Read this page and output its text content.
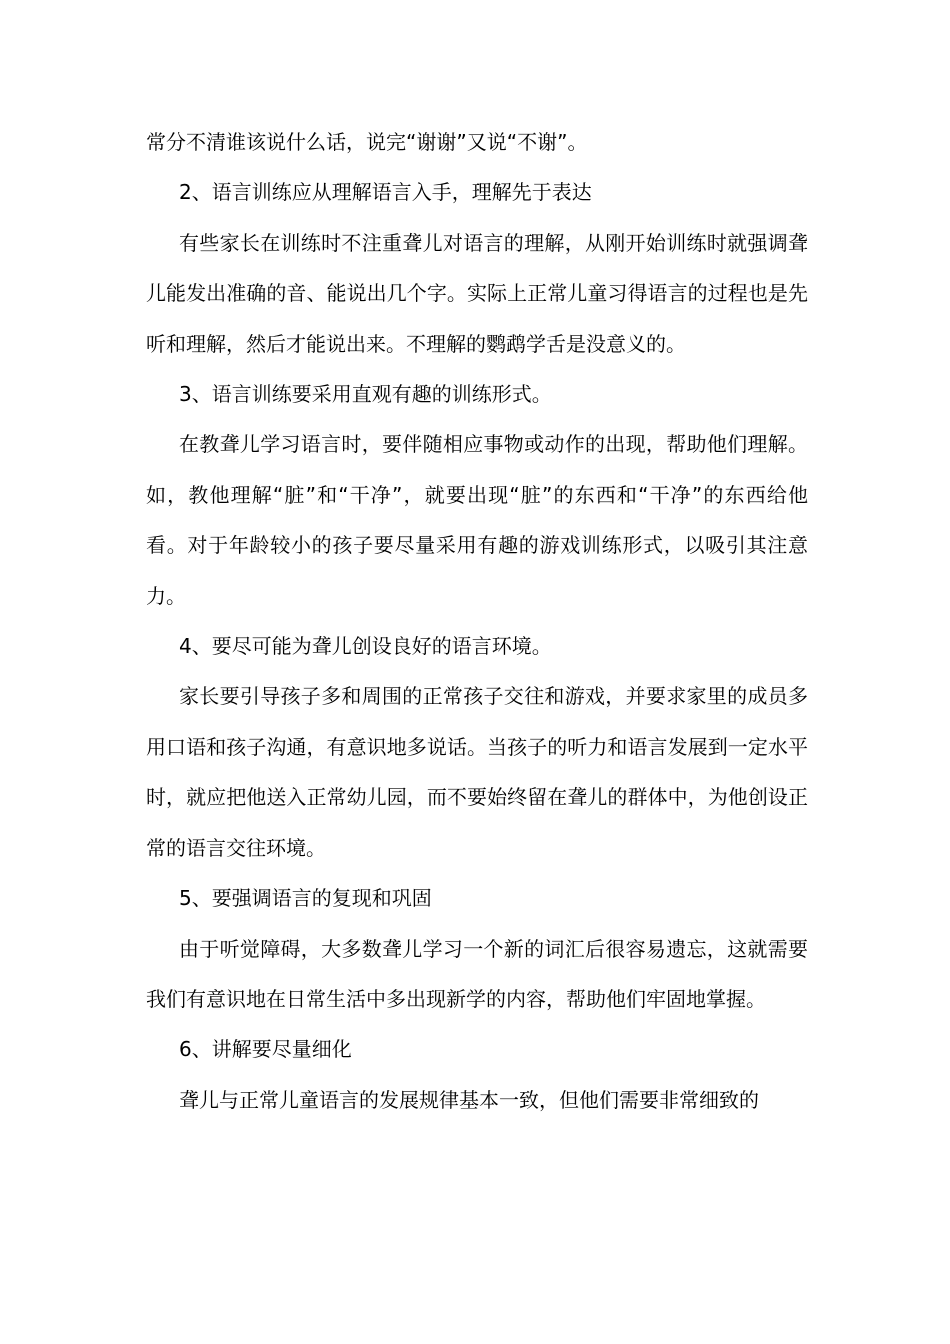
常分不清谁该说什么话，说完“谢谢”又说“不谢”。

2、语言训练应从理解语言入手，理解先于表达

有些家长在训练时不注重聋儿对语言的理解，从刚开始训练时就强调聋儿能发出准确的音、能说出几个字。实际上正常儿童习得语言的过程也是先听和理解，然后才能说出来。不理解的鹦鹉学舌是没意义的。

3、语言训练要采用直观有趣的训练形式。

在教聋儿学习语言时，要伴随相应事物或动作的出现，帮助他们理解。如，教他理解“脏”和“干净”，就要出现“脏”的东西和“干净”的东西给他看。对于年龄较小的孩子要尽量采用有趣的游戏训练形式，以吸引其注意力。

4、要尽可能为聋儿创设良好的语言环境。

家长要引导孩子多和周围的正常孩子交往和游戏，并要求家里的成员多用口语和孩子沟通，有意识地多说话。当孩子的听力和语言发展到一定水平时，就应把他送入正常幼儿园，而不要始终留在聋儿的群体中，为他创设正常的语言交往环境。

5、要强调语言的复现和巩固

由于听觉障碍，大多数聋儿学习一个新的词汇后很容易遗忘，这就需要我们有意识地在日常生活中多出现新学的内容，帮助他们牢固地掌握。

6、讲解要尽量细化

聋儿与正常儿童语言的发展规律基本一致，但他们需要非常细致的
